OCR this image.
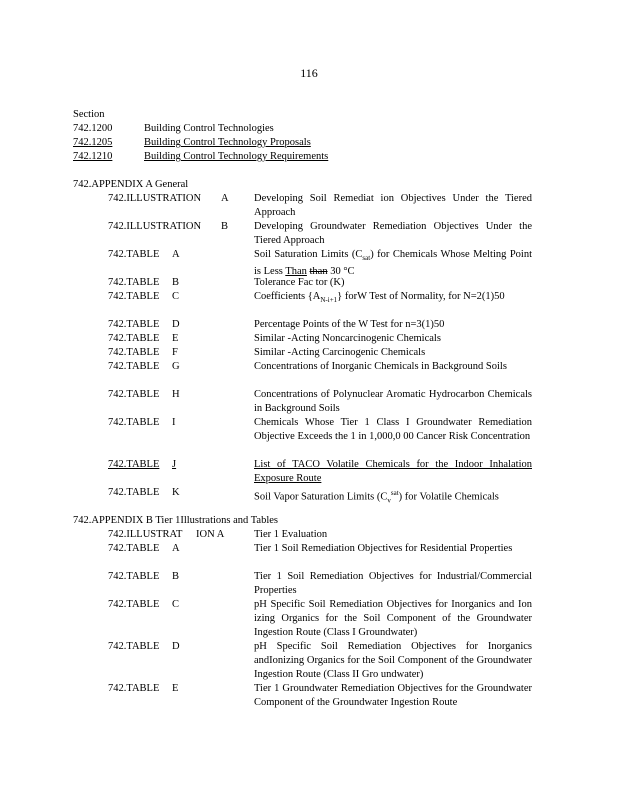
116
Section
742.1200	Building Control Technologies
742.1205	Building Control Technology Proposals
742.1210	Building Control Technology Requirements
742.APPENDIX A General
742.ILLUSTRATION A Developing Soil Remediat ion Objectives Under the Tiered Approach
742.ILLUSTRATION B Developing Groundwater Remediation Objectives Under the Tiered Approach
742.TABLE A	Soil Saturation Limits $(C_{sat})$ for Chemicals Whose Melting Point is Less Than than 30 °C
742.TABLE B	Tolerance Fac tor (K)
742.TABLE C	Coefficients $\{A_{N-i+1}\}$ forW Test of Normality, for N=2(1)50
742.TABLE D	Percentage Points of the W Test for n=3(1)50
742.TABLE E	Similar -Acting Noncarcinogenic Chemicals
742.TABLE F	Similar -Acting Carcinogenic Chemicals
742.TABLE G	Concentrations of Inorganic Chemicals in Background Soils
742.TABLE H	Concentrations of Polynuclear Aromatic Hydrocarbon Chemicals in Background Soils
742.TABLE I	Chemicals Whose Tier 1 Class I Groundwater Remediation Objective Exceeds the 1 in 1,000,0 00 Cancer Risk Concentration
742.TABLE J	List of TACO Volatile Chemicals for the Indoor Inhalation Exposure Route
742.TABLE K	Soil Vapor Saturation Limits $(C_v^{sat})$ for Volatile Chemicals
742.APPENDIX B Tier 1Illustrations and Tables
742.ILLUSTRAT ION A	Tier 1 Evaluation
742.TABLE A	Tier 1 Soil Remediation Objectives for Residential Properties
742.TABLE B	Tier 1 Soil Remediation Objectives for Industrial/Commercial Properties
742.TABLE C	pH Specific Soil Remediation Objectives for Inorganics and Ion izing Organics for the Soil Component of the Groundwater Ingestion Route (Class I Groundwater)
742.TABLE D	pH Specific Soil Remediation Objectives for Inorganics andIonizing Organics for the Soil Component of the Groundwater Ingestion Route (Class II Gro undwater)
742.TABLE E	Tier 1 Groundwater Remediation Objectives for the Groundwater Component of the Groundwater Ingestion Route
